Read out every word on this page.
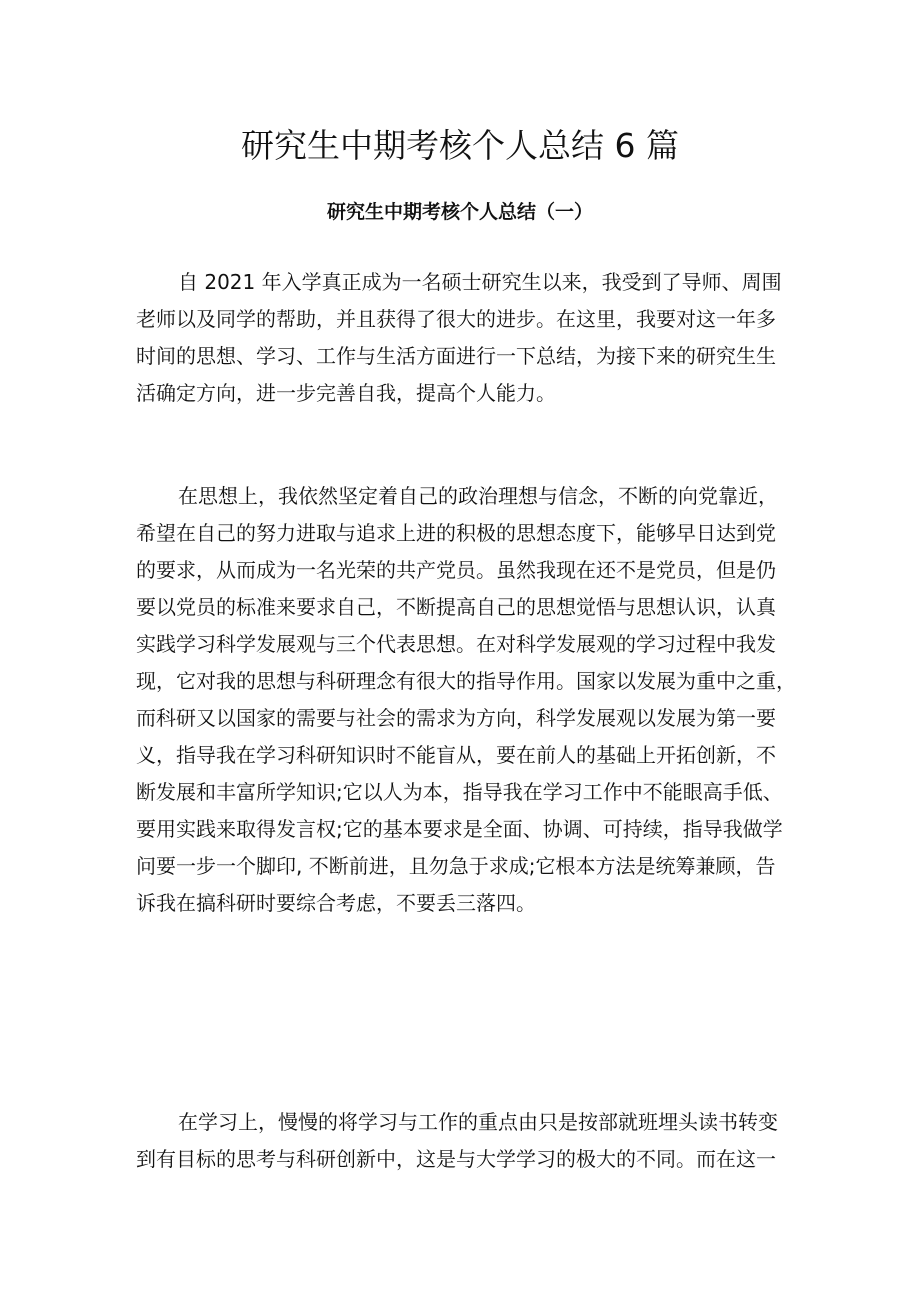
研究生中期考核个人总结 6 篇
研究生中期考核个人总结（一）
自 2021 年入学真正成为一名硕士研究生以来，我受到了导师、周围
老师以及同学的帮助，并且获得了很大的进步。在这里，我要对这一年多
时间的思想、学习、工作与生活方面进行一下总结，为接下来的研究生生
活确定方向，进一步完善自我，提高个人能力。
在思想上，我依然坚定着自己的政治理想与信念，不断的向党靠近，
希望在自己的努力进取与追求上进的积极的思想态度下，能够早日达到党
的要求，从而成为一名光荣的共产党员。虽然我现在还不是党员，但是仍
要以党员的标准来要求自己，不断提高自己的思想觉悟与思想认识，认真
实践学习科学发展观与三个代表思想。在对科学发展观的学习过程中我发
现，它对我的思想与科研理念有很大的指导作用。国家以发展为重中之重，
而科研又以国家的需要与社会的需求为方向，科学发展观以发展为第一要
义，指导我在学习科研知识时不能盲从，要在前人的基础上开拓创新，不
断发展和丰富所学知识;它以人为本，指导我在学习工作中不能眼高手低、
要用实践来取得发言权;它的基本要求是全面、协调、可持续，指导我做学
问要一步一个脚印, 不断前进，且勿急于求成;它根本方法是统筹兼顾，告
诉我在搞科研时要综合考虑，不要丢三落四。
在学习上，慢慢的将学习与工作的重点由只是按部就班埋头读书转变
到有目标的思考与科研创新中，这是与大学学习的极大的不同。而在这一
